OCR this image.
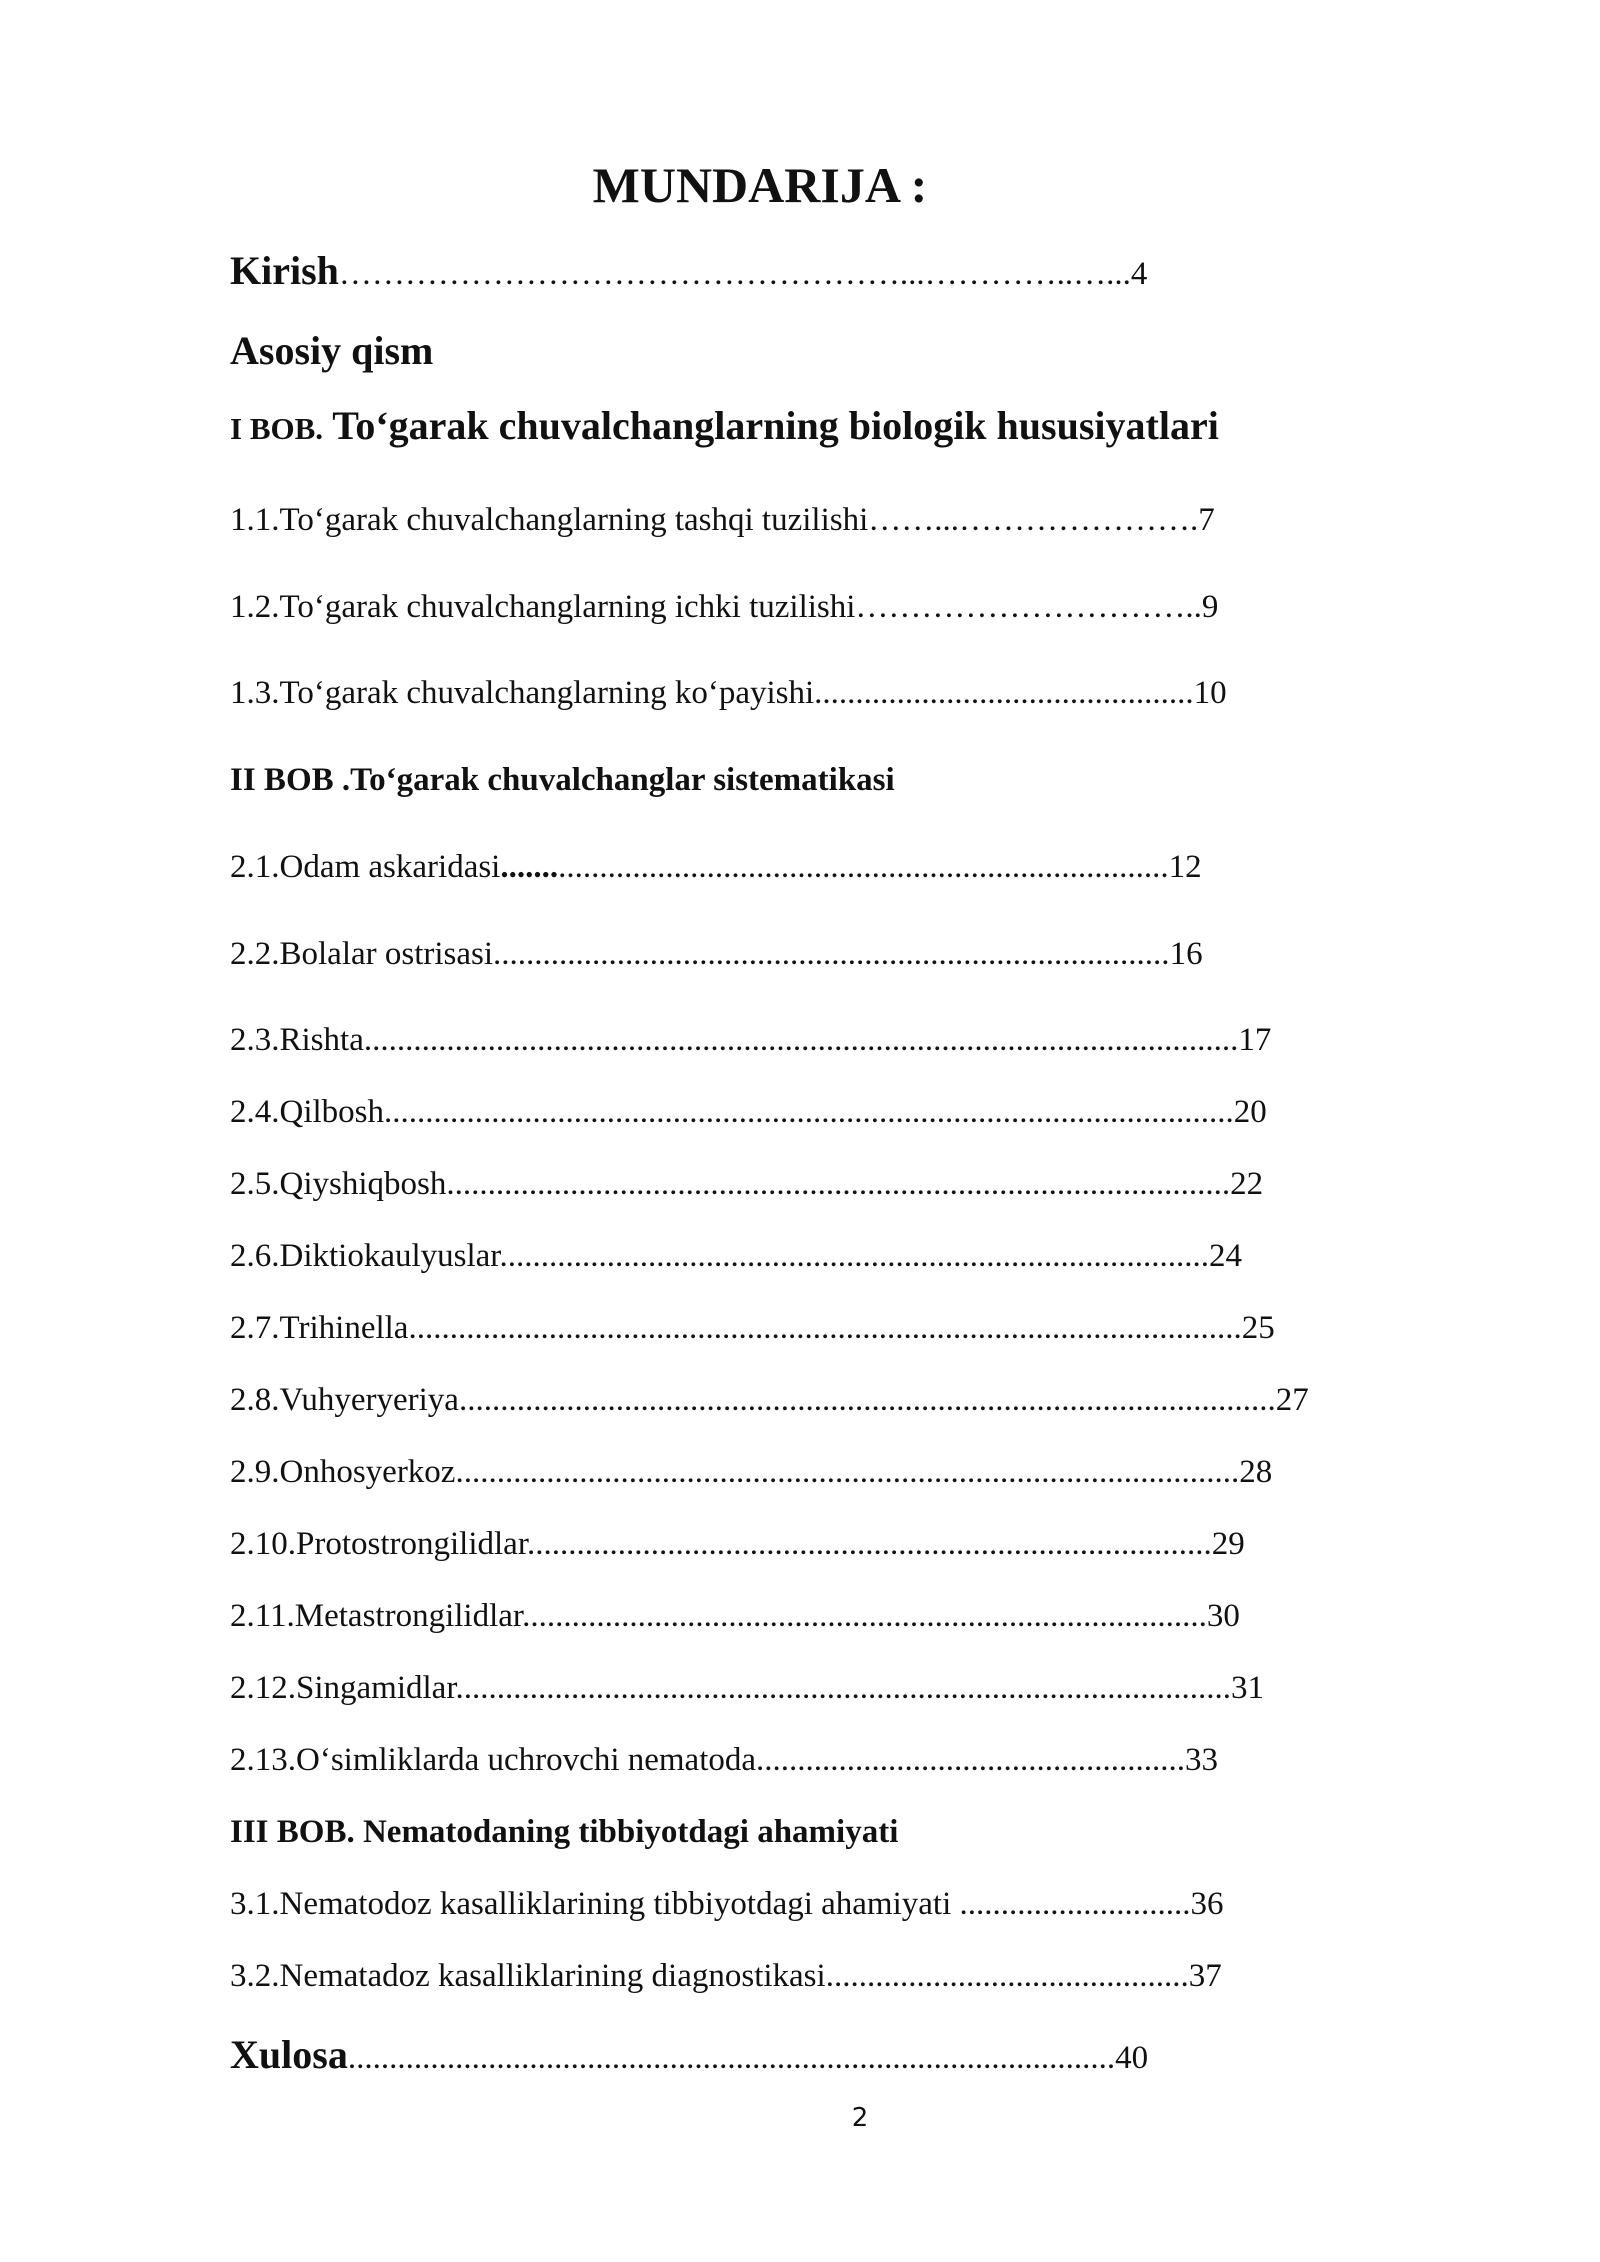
MUNDARIJA :
Kirish……………………………………………...…………..…...4
Asosiy qism
I BOB. To‘garak chuvalchanglarning biologik hususiyatlari
1.1.To‘garak chuvalchanglarning tashqi tuzilishi……...………………….7
1.2.To‘garak chuvalchanglarning ichki tuzilishi…………………………..9
1.3.To‘garak chuvalchanglarning ko‘payishi..............................................10
II BOB .To‘garak chuvalchanglar sistematikasi
2.1.Odam askaridasi.................................................................................12
2.2.Bolalar ostrisasi..................................................................................16
2.3.Rishta..........................................................................................................17
2.4.Qilbosh.......................................................................................................20
2.5.Qiyshiqbosh...............................................................................................22
2.6.Diktiokaulyuslar......................................................................................24
2.7.Trihinella.....................................................................................................25
2.8.Vuhyeryeriya...................................................................................................27
2.9.Onhosyerkoz...............................................................................................28
2.10.Protostrongilidlar...................................................................................29
2.11.Metastrongilidlar...................................................................................30
2.12.Singamidlar..............................................................................................31
2.13.O‘simliklarda uchrovchi nematoda....................................................33
III BOB. Nematodaning tibbiyotdagi ahamiyati
3.1.Nematodoz kasalliklarining tibbiyotdagi ahamiyati ............................36
3.2.Nematadoz kasalliklarining diagnostikasi............................................37
Xulosa.............................................................................................40
2
